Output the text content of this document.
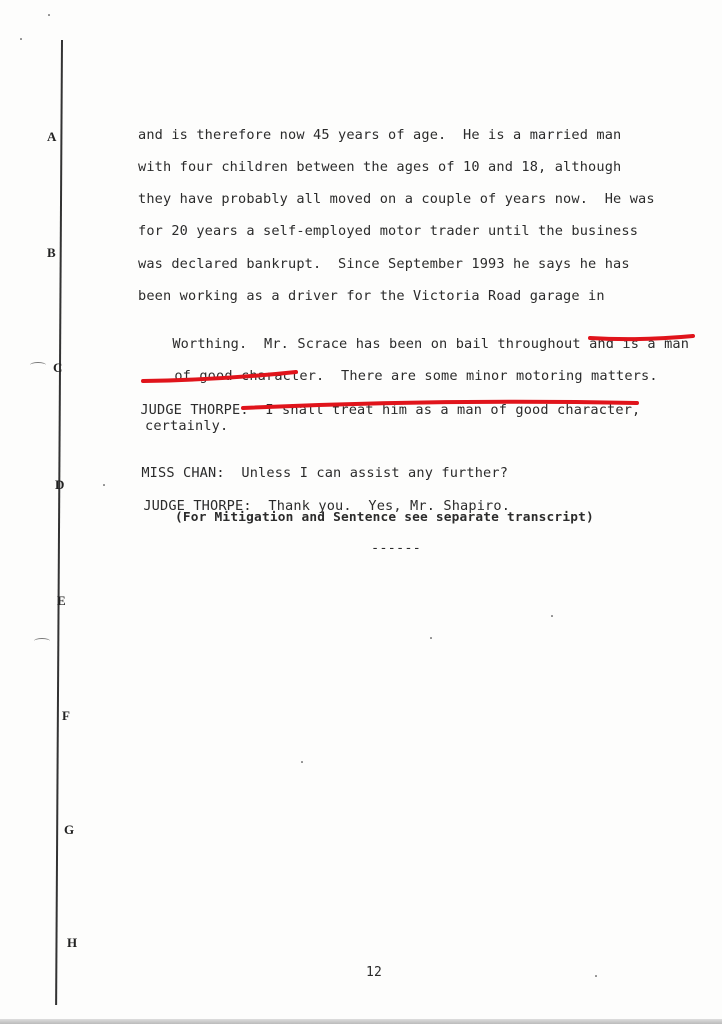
A
B
C
D
E
F
G
H
and is therefore now 45 years of age.  He is a married man
with four children between the ages of 10 and 18, although
they have probably all moved on a couple of years now.  He was
for 20 years a self-employed motor trader until the business
was declared bankrupt.  Since September 1993 he says he has
been working as a driver for the Victoria Road garage in

Worthing.  Mr. Scrace has been on bail throughout and is a man

of good character.  There are some minor motoring matters.

JUDGE THORPE:  I shall treat him as a man of good character,

certainly.

MISS CHAN:  Unless I can assist any further?

JUDGE THORPE:  Thank you.  Yes, Mr. Shapiro.

(For Mitigation and Sentence see separate transcript)
------
12
